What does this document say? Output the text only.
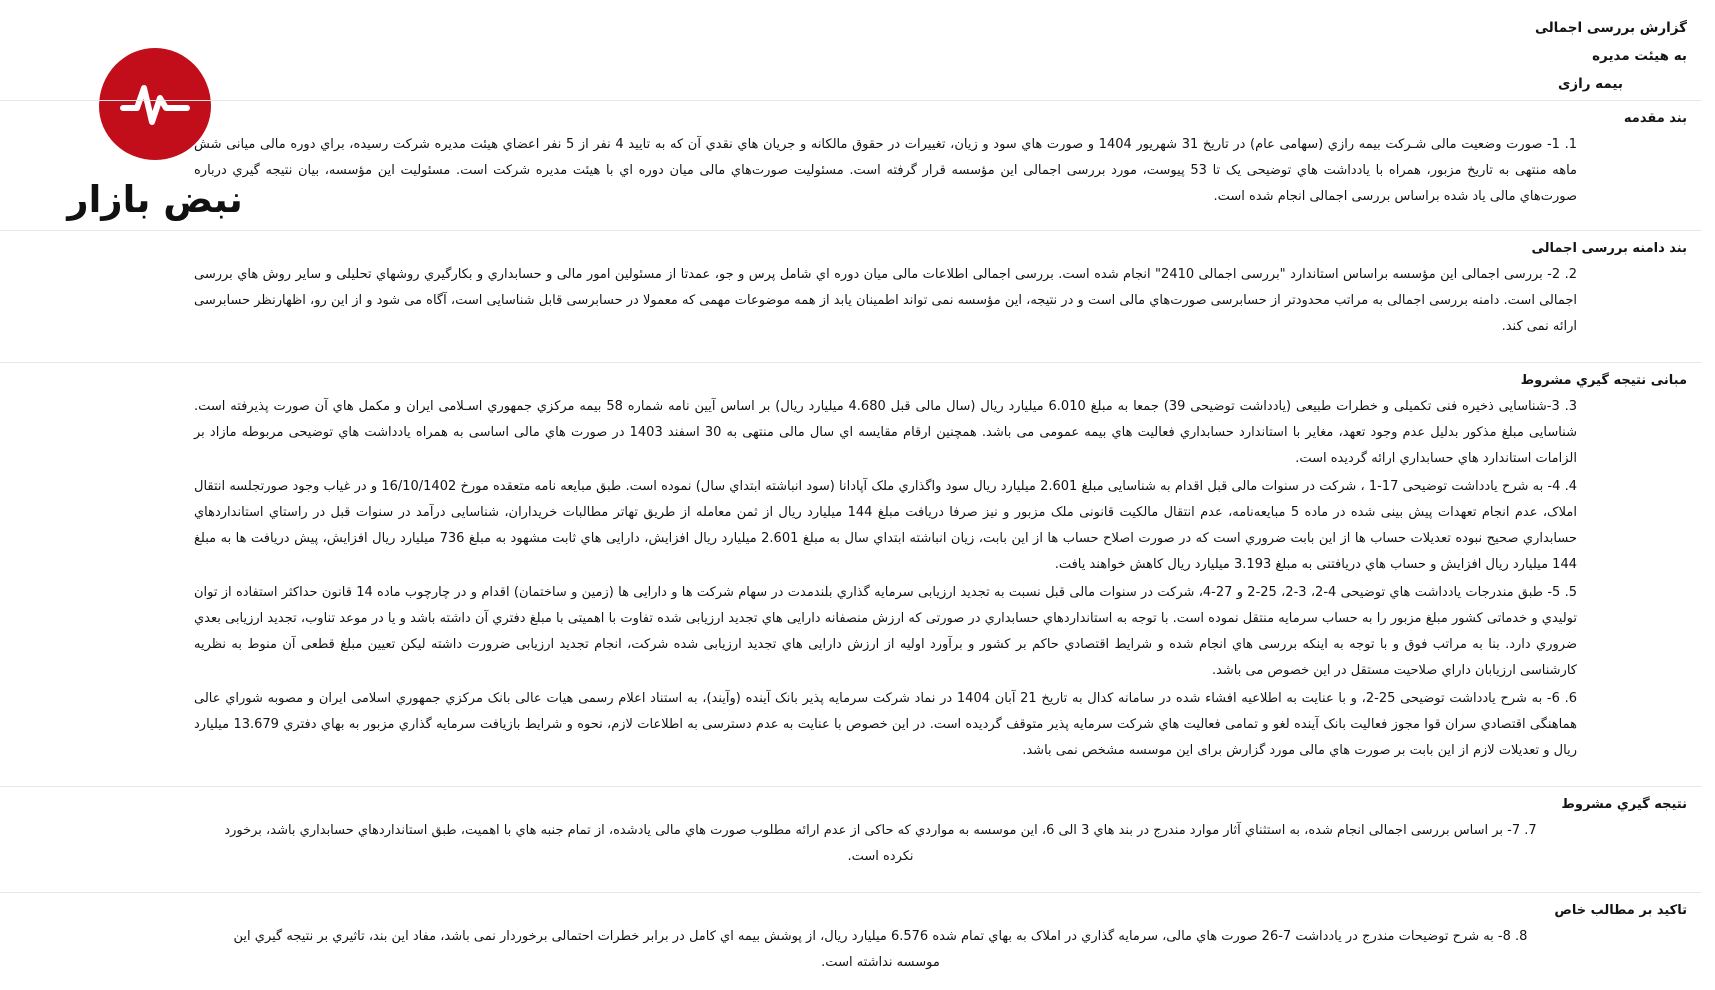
نبض بازار
گزارش بررسی اجمالی
به هیئت مدیره
بیمه رازی
بند مقدمه

1. 1- صورت وضعیت مالی شـرکت بیمه رازي (سهامی عام) در تاریخ 31 شهریور 1404 و صورت هاي سود و زیان، تغییرات در حقوق مالکانه و جریان هاي نقدي آن که به تایید 4 نفر از 5 نفر اعضاي هیئت مدیره شرکت رسیده، براي دوره مالی میانی شش ماهه منتهی به تاریخ مزبور، همراه با یادداشت هاي توضیحی یک تا 53 پیوست، مورد بررسی اجمالی این مؤسسه قرار گرفته است. مسئولیت صورت‌هاي مالی میان دوره اي با هیئت مدیره شرکت است. مسئولیت این مؤسسه، بیان نتیجه گیري درباره صورت‌هاي مالی یاد شده براساس بررسی اجمالی انجام شده است.

بند دامنه بررسی اجمالی

2. 2- بررسی اجمالی این مؤسسه براساس استاندارد "بررسی اجمالی 2410" انجام شده است. بررسی اجمالی اطلاعات مالی میان دوره اي شامل پرس و جو، عمدتا از مسئولین امور مالی و حسابداري و بکارگیري روشهاي تحلیلی و سایر روش هاي بررسی اجمالی است. دامنه بررسی اجمالی به مراتب محدودتر از حسابرسی صورت‌هاي مالی است و در نتیجه، این مؤسسه نمی تواند اطمینان یابد از همه موضوعات مهمی که معمولا در حسابرسی قابل شناسایی است، آگاه می شود و از این رو، اظهارنظر حسابرسی ارائه نمی کند.

مبانی نتیجه گیري مشروط

3. 3-شناسایی ذخیره فنی تکمیلی و خطرات طبیعی (یادداشت توضیحی 39) جمعا به مبلغ 6.010 میلیارد ریال (سال مالی قبل 4.680 میلیارد ریال) بر اساس آیین نامه شماره 58 بیمه مرکزي جمهوري اسـلامی ایران و مکمل هاي آن صورت پذیرفته است. شناسایی مبلغ مذکور بدلیل عدم وجود تعهد، مغایر با استاندارد حسابداري فعالیت هاي بیمه عمومی می باشد. همچنین ارقام مقایسه اي سال مالی منتهی به 30 اسفند 1403 در صورت هاي مالی اساسی به همراه یادداشت هاي توضیحی مربوطه مازاد بر الزامات استاندارد هاي حسابداري ارائه گردیده است.

4. 4- به شرح یادداشت توضیحی 17-1 ، شرکت در سنوات مالی قبل اقدام به شناسایی مبلغ 2.601 میلیارد ریال سود واگذاري ملک آپادانا (سود انباشته ابتداي سال) نموده است. طبق مبایعه نامه متعقده مورخ 16/10/1402 و در غیاب وجود صورتجلسه انتقال املاک، عدم انجام تعهدات پیش بینی شده در ماده 5 مبایعه‌نامه، عدم انتقال مالکیت قانونی ملک مزبور و نیز صرفا دریافت مبلغ 144 میلیارد ریال از ثمن معامله از طریق تهاتر مطالبات خریداران، شناسایی درآمد در سنوات قبل در راستاي استانداردهاي حسابداري صحیح نبوده تعدیلات حساب ها از این بابت ضروري است که در صورت اصلاح حساب ها از این بابت، زیان انباشته ابتداي سال به مبلغ 2.601 میلیارد ریال افزایش، دارایی هاي ثابت مشهود به مبلغ 736 میلیارد ریال افزایش، پیش دریافت ها به مبلغ 144 میلیارد ریال افزایش و حساب هاي دریافتنی به مبلغ 3.193 میلیارد ریال کاهش خواهند یافت.

5. 5- طبق مندرجات یادداشت هاي توضیحی 4-2، 3-2، 25-2 و 27-4، شرکت در سنوات مالی قبل نسبت به تجدید ارزیابی سرمایه گذاري بلندمدت در سهام شرکت ها و دارایی ها (زمین و ساختمان) اقدام و در چارچوب ماده 14 قانون حداکثر استفاده از توان تولیدي و خدماتی کشور مبلغ مزبور را به حساب سرمایه منتقل نموده است. با توجه به استانداردهاي حسابداري در صورتی که ارزش منصفانه دارایی هاي تجدید ارزیابی شده تفاوت با اهمیتی با مبلغ دفتري آن داشته باشد و یا در موعد تناوب، تجدید ارزیابی بعدي ضروري دارد. بنا به مراتب فوق و با توجه به اینکه بررسی هاي انجام شده و شرایط اقتصادي حاکم بر کشور و برآورد اولیه از ارزش دارایی هاي تجدید ارزیابی شده شرکت، انجام تجدید ارزیابی ضرورت داشته لیکن تعیین مبلغ قطعی آن منوط به نظریه کارشناسی ارزیابان داراي صلاحیت مستقل در این خصوص می باشد.

6. 6- به شرح یادداشت توضیحی 25-2، و با عنایت به اطلاعیه افشاء شده در سامانه کدال به تاریخ 21 آبان 1404 در نماد شرکت سرمایه پذیر بانک آینده (وآیند)، به استناد اعلام رسمی هیات عالی بانک مرکزي جمهوري اسلامی ایران و مصوبه شوراي عالی هماهنگی اقتصادي سران قوا مجوز فعالیت بانک آینده لغو و تمامی فعالیت هاي شرکت سرمایه پذیر متوقف گردیده است. در این خصوص با عنایت به عدم دسترسی به اطلاعات لازم، نحوه و شرایط بازیافت سرمایه گذاري مزبور به بهاي دفتري 13.679 میلیارد ریال و تعدیلات لازم از این بابت بر صورت هاي مالی مورد گزارش برای این موسسه مشخص نمی باشد.

نتیجه گیري مشروط

7. 7- بر اساس بررسی اجمالی انجام شده، به استثناي آثار موارد مندرج در بند هاي 3 الی 6، این موسسه به مواردي که حاکی از عدم ارائه مطلوب صورت هاي مالی یادشده، از تمام جنبه هاي با اهمیت، طبق استانداردهاي حسابداري باشد، برخورد نکرده است.

تاکید بر مطالب خاص

8. 8- به شرح توضیحات مندرج در یادداشت 7-26 صورت هاي مالی، سرمایه گذاري در املاک به بهاي تمام شده 6.576 میلیارد ریال، از پوشش بیمه اي کامل در برابر خطرات احتمالی برخوردار نمی باشد، مفاد این بند، تاثیري بر نتیجه گیري این موسسه نداشته است.
